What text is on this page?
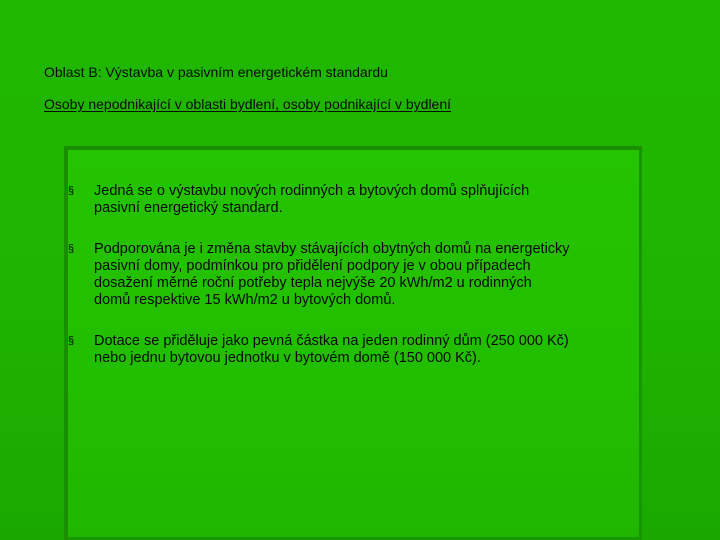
Oblast B: Výstavba v pasivním energetickém standardu
Osoby nepodnikající v oblasti bydlení, osoby podnikající v bydlení
§
Jedná se o výstavbu nových rodinných a bytových domů splňujících
pasivní energetický standard.
§
Podporována je i změna stavby stávajících obytných domů na energeticky
pasivní domy, podmínkou pro přidělení podpory je v obou případech
dosažení měrné roční potřeby tepla nejvýše 20 kWh/m2 u rodinných
domů respektive 15 kWh/m2 u bytových domů.
§
Dotace se přiděluje jako pevná částka na jeden rodinný dům (250 000 Kč)
nebo jednu bytovou jednotku v bytovém domě (150 000 Kč).
